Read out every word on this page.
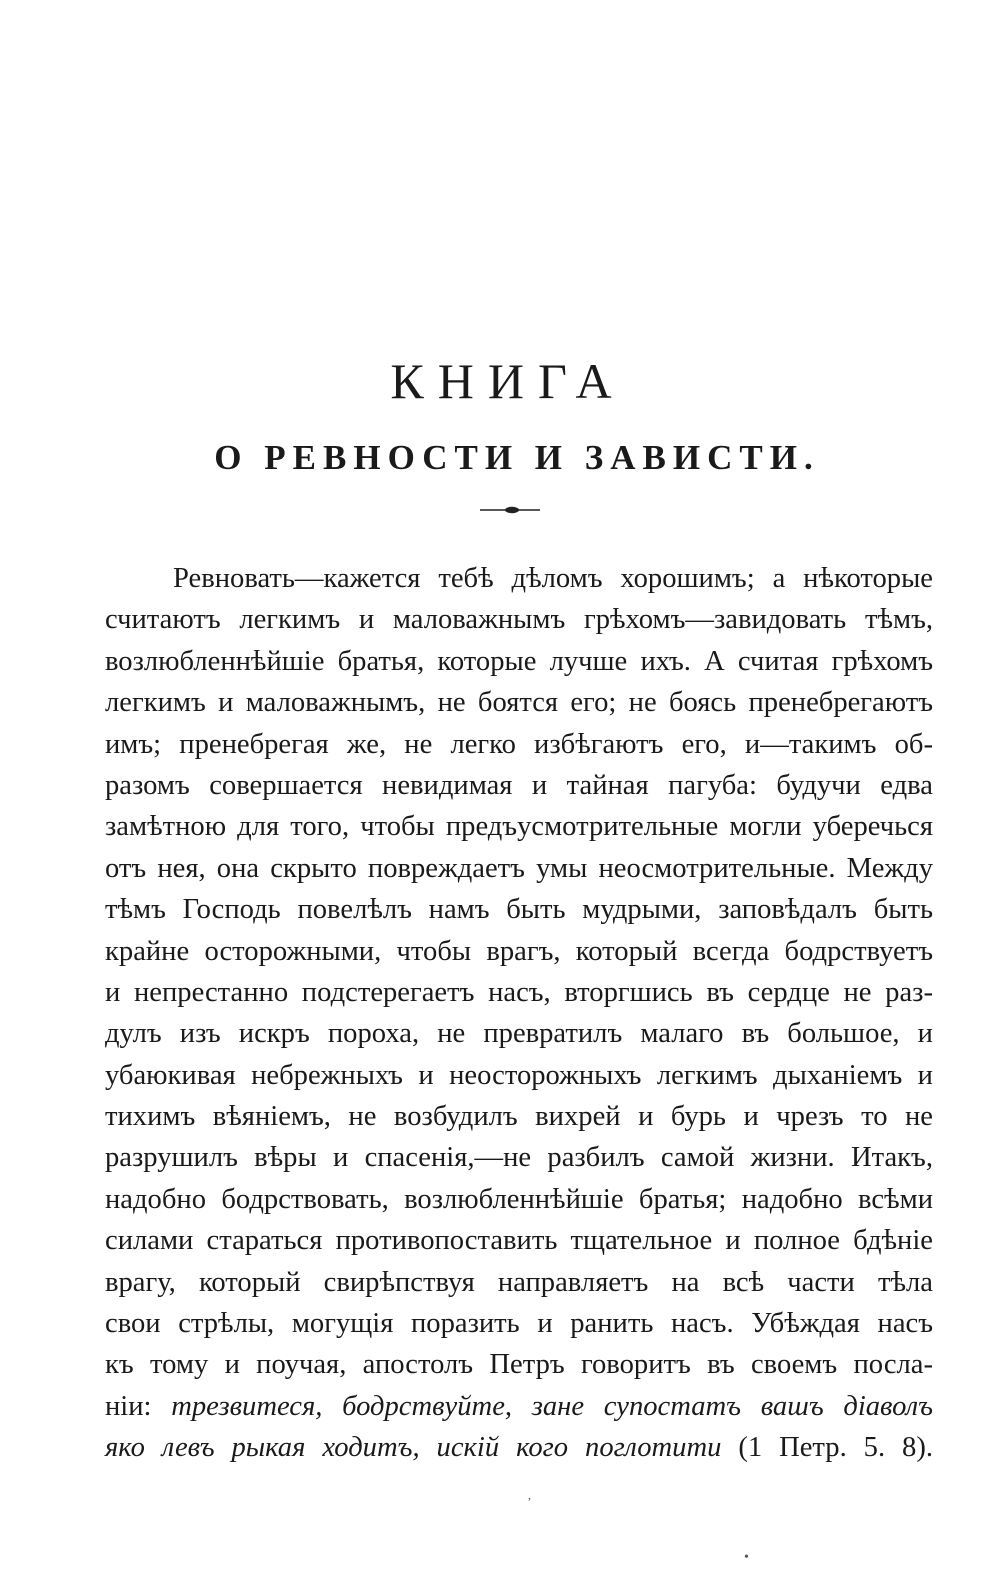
КНИГА
О РЕВНОСТИ И ЗАВИСТИ.
Ревновать—кажется тебѣ дѣломъ хорошимъ; а нѣкоторые
считаютъ легкимъ и маловажнымъ грѣхомъ—завидовать тѣмъ,
возлюбленнѣйшіе братья, которые лучше ихъ. А считая грѣхомъ
легкимъ и маловажнымъ, не боятся его; не боясь пренебрегаютъ
имъ; пренебрегая же, не легко избѣгаютъ его, и—такимъ об-
разомъ совершается невидимая и тайная пагуба: будучи едва
замѣтною для того, чтобы предъусмотрительные могли уберечься
отъ нея, она скрыто повреждаетъ умы неосмотрительные. Между
тѣмъ Господь повелѣлъ намъ быть мудрыми, заповѣдалъ быть
крайне осторожными, чтобы врагъ, который всегда бодрствуетъ
и непрестанно подстерегаетъ насъ, вторгшись въ сердце не раз-
дулъ изъ искръ пороха, не превратилъ малаго въ большое, и
убаюкивая небрежныхъ и неосторожныхъ легкимъ дыханіемъ и
тихимъ вѣяніемъ, не возбудилъ вихрей и бурь и чрезъ то не
разрушилъ вѣры и спасенія,—не разбилъ самой жизни. Итакъ,
надобно бодрствовать, возлюбленнѣйшіе братья; надобно всѣми
силами стараться противопоставить тщательное и полное бдѣніе
врагу, который свирѣпствуя направляетъ на всѣ части тѣла
свои стрѣлы, могущія поразить и ранить насъ. Убѣждая насъ
къ тому и поучая, апостолъ Петръ говоритъ въ своемъ посла-
ніи: трезвитеся, бодрствуйте, зане супостатъ вашъ діаволъ
яко левъ рыкая ходитъ, искій кого поглотити (1 Петр. 5. 8).
,
•
